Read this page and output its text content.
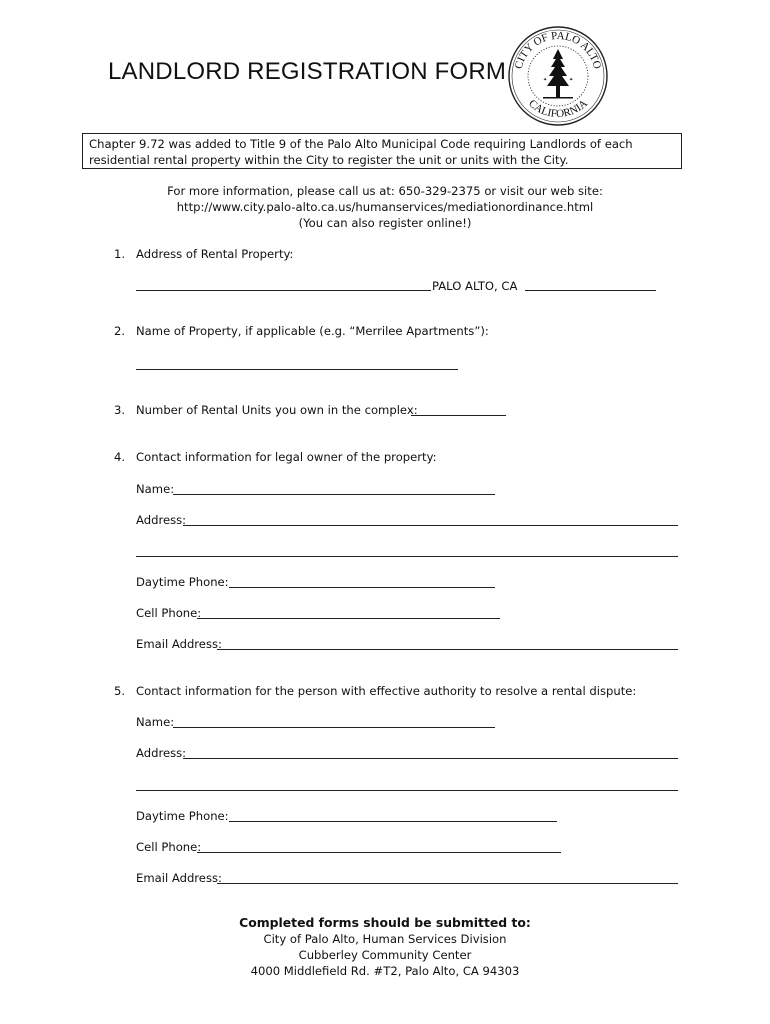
LANDLORD REGISTRATION FORM CITY OF PALO ALTO
CALIFORNIA
✦	✦
Chapter 9.72 was added to Title 9 of the Palo Alto Municipal Code requiring Landlords of each residential rental property within the City to register the unit or units with the City.
For more information, please call us at: 650-329-2375 or visit our web site:
http://www.city.palo-alto.ca.us/humanservices/mediationordinance.html
(You can also register online!)
1. Address of Rental Property:
PALO ALTO, CA
2. Name of Property, if applicable (e.g. “Merrilee Apartments”):
3. Number of Rental Units you own in the complex:
4. Contact information for legal owner of the property:
Name:
Address:
Daytime Phone:
Cell Phone:
Email Address:
5. Contact information for the person with effective authority to resolve a rental dispute:
Name:
Address:
Daytime Phone:
Cell Phone:
Email Address:
Completed forms should be submitted to:
City of Palo Alto, Human Services Division
Cubberley Community Center
4000 Middlefield Rd. #T2, Palo Alto, CA 94303
